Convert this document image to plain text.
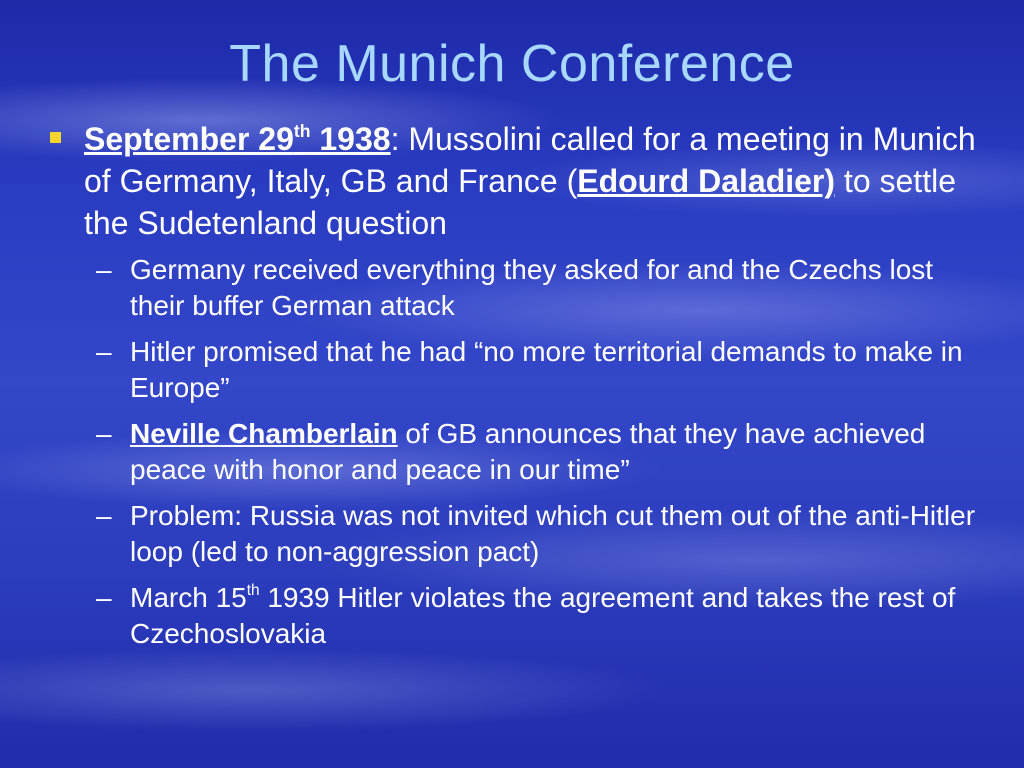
The Munich Conference
September 29th 1938: Mussolini called for a meeting in Munich of Germany, Italy, GB and France (Edourd Daladier) to settle the Sudetenland question
– Germany received everything they asked for and the Czechs lost their buffer German attack
– Hitler promised that he had “no more territorial demands to make in Europe”
– Neville Chamberlain of GB announces that they have achieved peace with honor and peace in our time”
– Problem: Russia was not invited which cut them out of the anti-Hitler loop (led to non-aggression pact)
– March 15th 1939 Hitler violates the agreement and takes the rest of Czechoslovakia
